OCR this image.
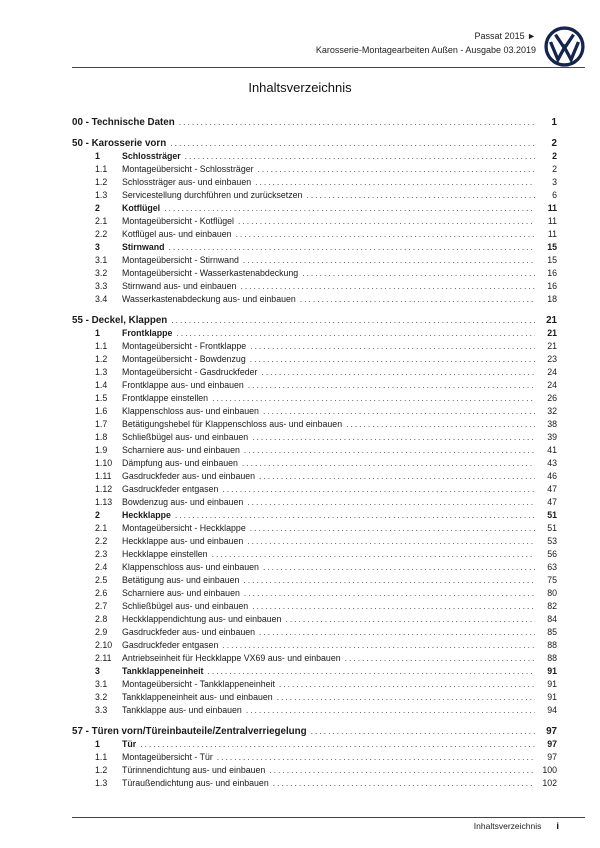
Passat 2015 ►
Karosserie-Montagearbeiten Außen - Ausgabe 03.2019
Inhaltsverzeichnis
00 - Technische Daten .....	1
50 - Karosserie vorn .....	2
1	Schlossträger .....	2
1.1	Montageübersicht - Schlossträger .....	2
1.2	Schlossträger aus- und einbauen .....	3
1.3	Servicestellung durchführen und zurücksetzen .....	6
2	Kotflügel .....	11
2.1	Montageübersicht - Kotflügel .....	11
2.2	Kotflügel aus- und einbauen .....	11
3	Stirnwand .....	15
3.1	Montageübersicht - Stirnwand .....	15
3.2	Montageübersicht - Wasserkastenabdeckung .....	16
3.3	Stirnwand aus- und einbauen .....	16
3.4	Wasserkastenabdeckung aus- und einbauen .....	18
55 - Deckel, Klappen .....	21
1	Frontklappe .....	21
1.1	Montageübersicht - Frontklappe .....	21
1.2	Montageübersicht - Bowdenzug .....	23
1.3	Montageübersicht - Gasdruckfeder .....	24
1.4	Frontklappe aus- und einbauen .....	24
1.5	Frontklappe einstellen .....	26
1.6	Klappenschloss aus- und einbauen .....	32
1.7	Betätigungshebel für Klappenschloss aus- und einbauen .....	38
1.8	Schließbügel aus- und einbauen .....	39
1.9	Scharniere aus- und einbauen .....	41
1.10	Dämpfung aus- und einbauen .....	43
1.11	Gasdruckfeder aus- und einbauen .....	46
1.12	Gasdruckfeder entgasen .....	47
1.13	Bowdenzug aus- und einbauen .....	47
2	Heckklappe .....	51
2.1	Montageübersicht - Heckklappe .....	51
2.2	Heckklappe aus- und einbauen .....	53
2.3	Heckklappe einstellen .....	56
2.4	Klappenschloss aus- und einbauen .....	63
2.5	Betätigung aus- und einbauen .....	75
2.6	Scharniere aus- und einbauen .....	80
2.7	Schließbügel aus- und einbauen .....	82
2.8	Heckklappendichtung aus- und einbauen .....	84
2.9	Gasdruckfeder aus- und einbauen .....	85
2.10	Gasdruckfeder entgasen .....	88
2.11	Antriebseinheit für Heckklappe VX69 aus- und einbauen .....	88
3	Tankklappeneinheit .....	91
3.1	Montageübersicht - Tankklappeneinheit .....	91
3.2	Tankklappeneinheit aus- und einbauen .....	91
3.3	Tankklappe aus- und einbauen .....	94
57 - Türen vorn/Türeinbauteile/Zentralverriegelung .....	97
1	Tür .....	97
1.1	Montageübersicht - Tür .....	97
1.2	Türinnendichtung aus- und einbauen .....	100
1.3	Türaußendichtung aus- und einbauen .....	102
Inhaltsverzeichnis i
